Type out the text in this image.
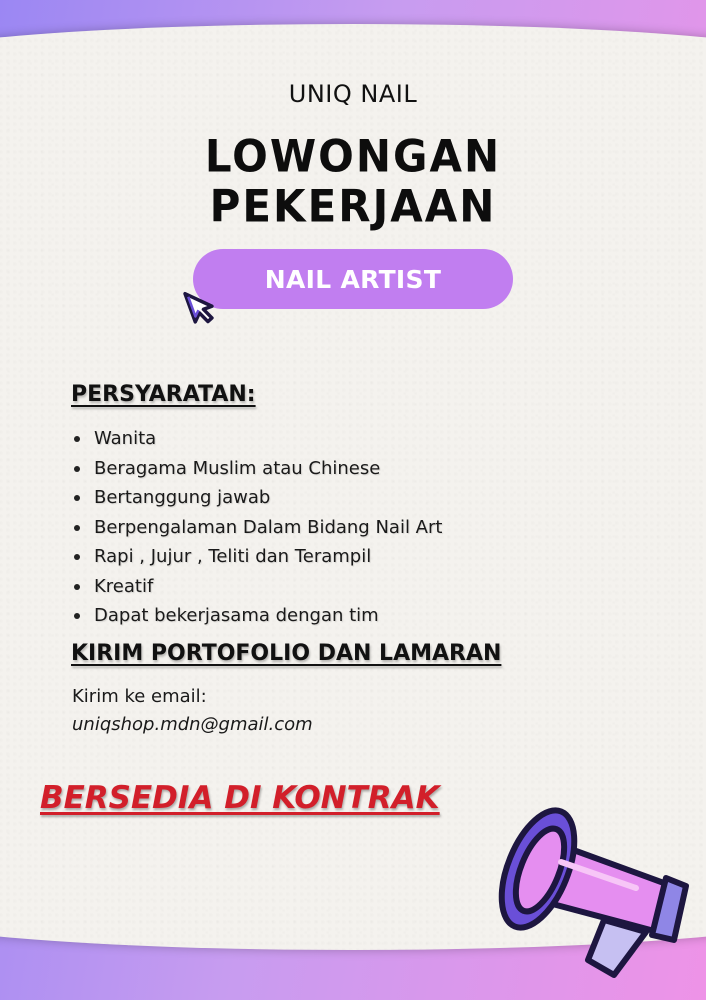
UNIQ NAIL
LOWONGAN
PEKERJAAN
NAIL ARTIST
PERSYARATAN:
Wanita
Beragama Muslim atau Chinese
Bertanggung jawab
Berpengalaman Dalam Bidang Nail Art
Rapi , Jujur , Teliti dan Terampil
Kreatif
Dapat bekerjasama dengan tim
KIRIM PORTOFOLIO DAN LAMARAN
Kirim ke email:
uniqshop.mdn@gmail.com
BERSEDIA DI KONTRAK
